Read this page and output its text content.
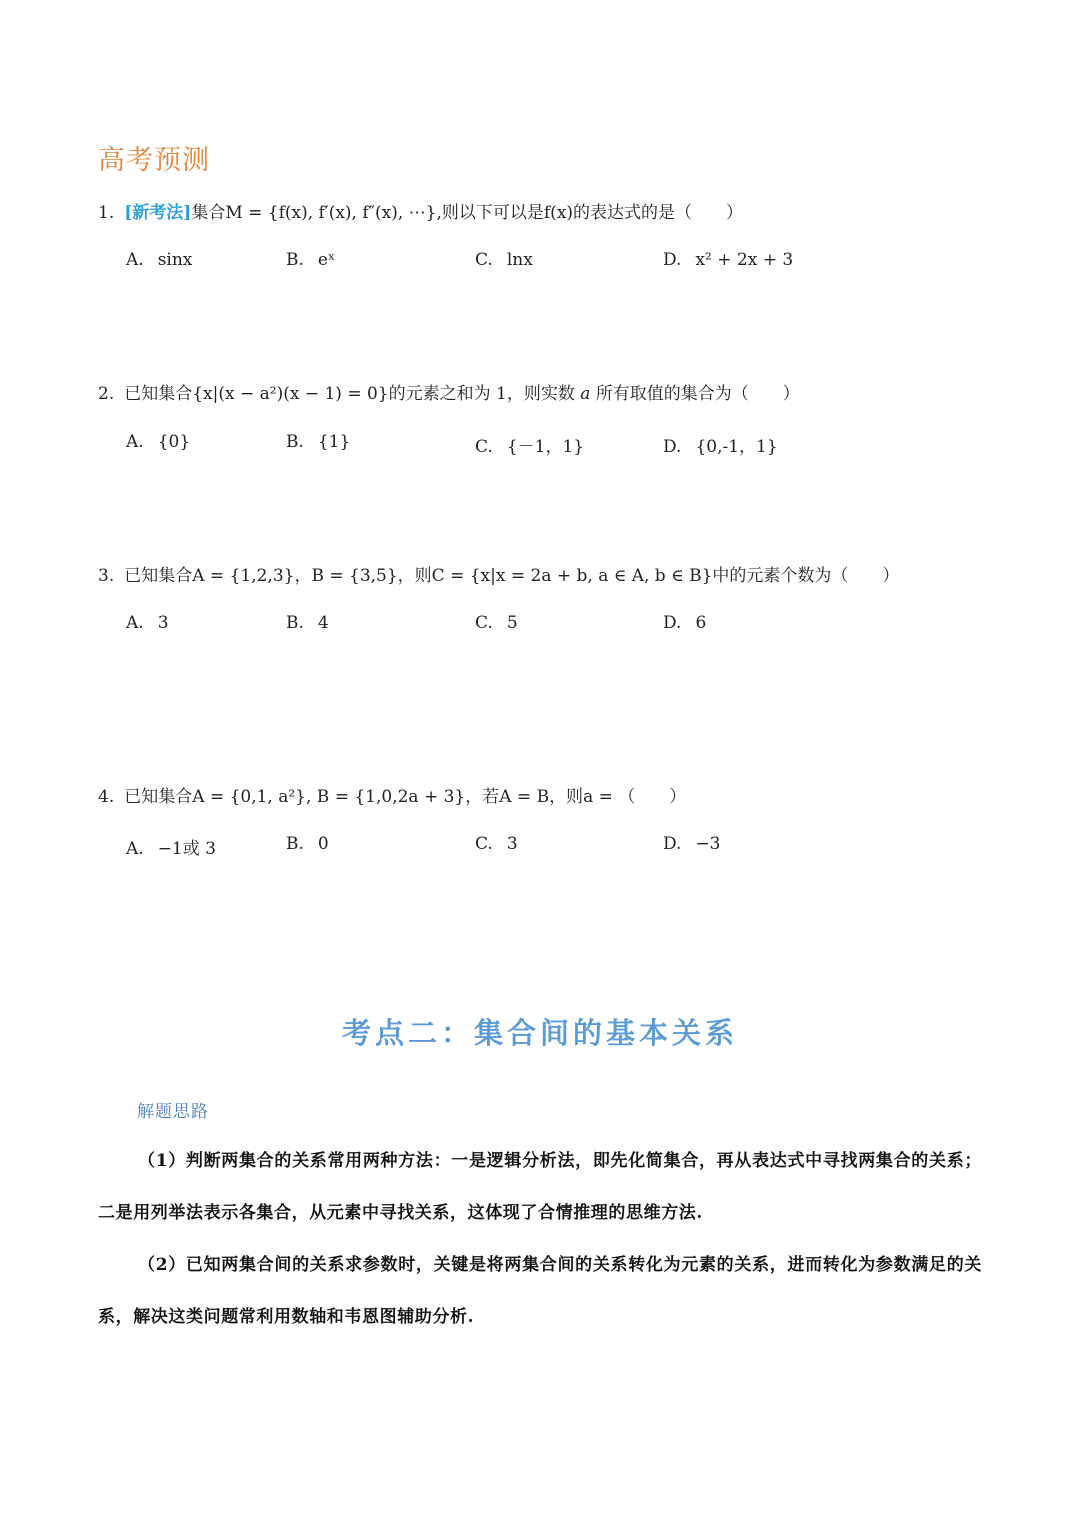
高考预测
1. [新考法]集合M = {f(x), f′(x), f″(x), ⋯},则以下可以是f(x)的表达式的是（　　）
A. sinx	B. eˣ	C. lnx	D. x² + 2x + 3
2. 已知集合{x|(x − a²)(x − 1) = 0}的元素之和为 1，则实数 a 所有取值的集合为（　　）
A. {0}	B. {1}	C. {－1，1}	D. {0,-1，1}
3. 已知集合A = {1,2,3}，B = {3,5}，则C = {x|x = 2a + b, a ∈ A, b ∈ B}中的元素个数为（　　）
A. 3	B. 4	C. 5	D. 6
4. 已知集合A = {0,1, a²}, B = {1,0,2a + 3}，若A = B，则a = （　　）
A. −1或 3	B. 0	C. 3	D. −3
考点二：集合间的基本关系
解题思路

（1）判断两集合的关系常用两种方法：一是逻辑分析法，即先化简集合，再从表达式中寻找两集合的关系；二是用列举法表示各集合，从元素中寻找关系，这体现了合情推理的思维方法.

（2）已知两集合间的关系求参数时，关键是将两集合间的关系转化为元素的关系，进而转化为参数满足的关系，解决这类问题常利用数轴和韦恩图辅助分析.
